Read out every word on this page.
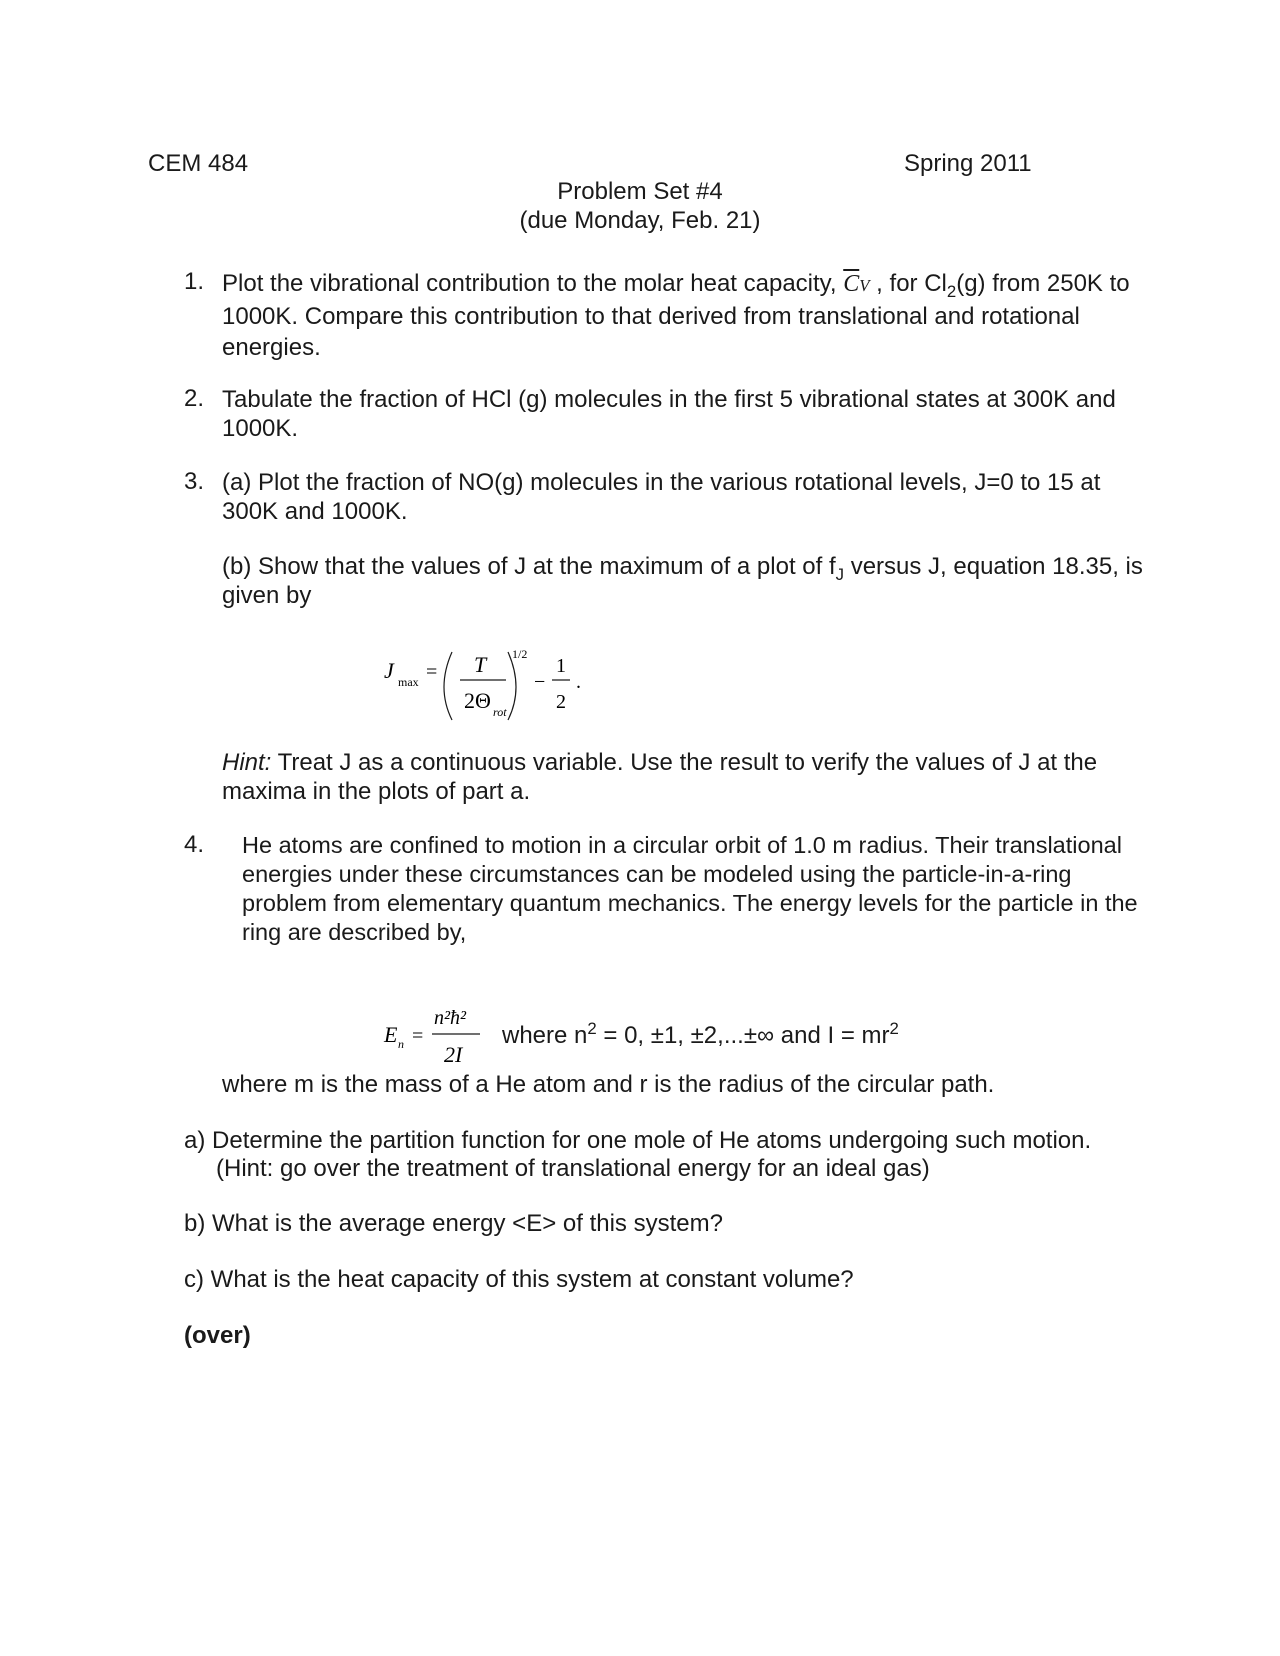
CEM 484	Spring 2011
Problem Set #4
(due Monday, Feb. 21)
1. Plot the vibrational contribution to the molar heat capacity, $\overline{C}V$ , for $Cl_2(g)$ from 250K to 1000K. Compare this contribution to that derived from translational and rotational energies.
2. Tabulate the fraction of HCl (g) molecules in the first 5 vibrational states at 300K and 1000K.
3. (a) Plot the fraction of NO(g) molecules in the various rotational levels, J=0 to 15 at 300K and 1000K.
(b) Show that the values of J at the maximum of a plot of $f_J$ versus J, equation 18.35, is given by
J max = T
2Θ rot
1/2
−
1
2
.
Hint: Treat J as a continuous variable. Use the result to verify the values of J at the maxima in the plots of part a.
4. He atoms are confined to motion in a circular orbit of 1.0 m radius. Their translational energies under these circumstances can be modeled using the particle-in-a-ring problem from elementary quantum mechanics. The energy levels for the particle in the ring are described by,
E n =
n²ħ²
2I
where $n^2 = 0$, ±1, ±2,...±∞ and $I = mr^2$
where m is the mass of a He atom and r is the radius of the circular path.
a) Determine the partition function for one mole of He atoms undergoing such motion.
(Hint: go over the treatment of translational energy for an ideal gas)
b) What is the average energy <E> of this system?
c) What is the heat capacity of this system at constant volume?
(over)
